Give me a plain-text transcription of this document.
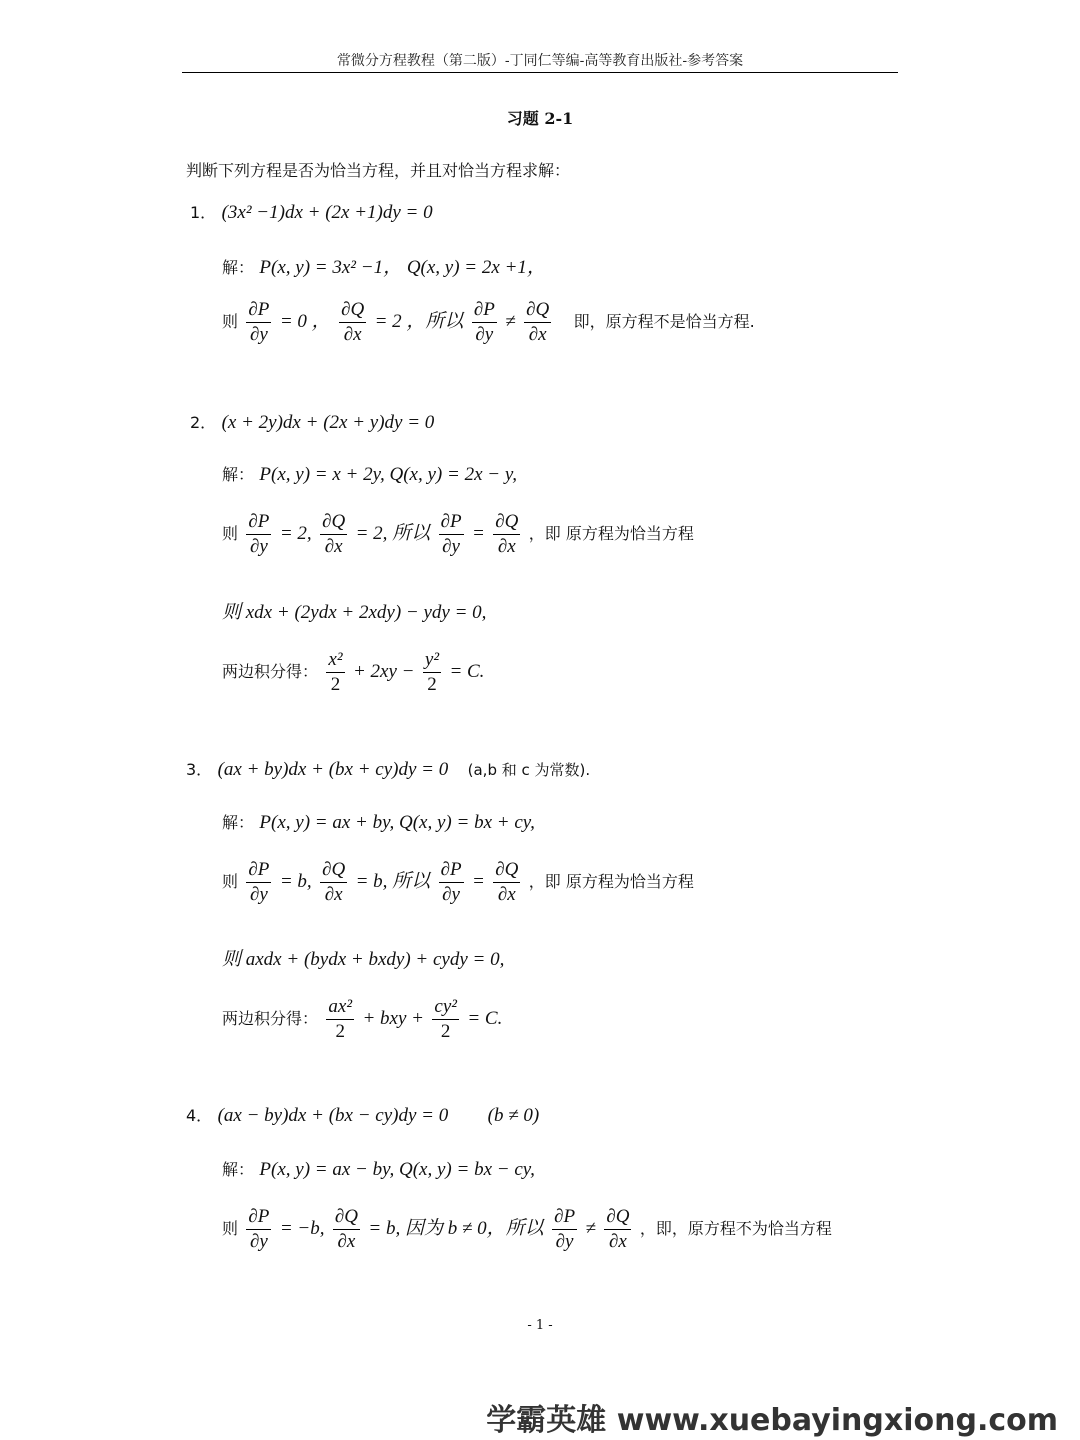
常微分方程教程（第二版）-丁同仁等编-高等教育出版社-参考答案
习题 2-1
判断下列方程是否为恰当方程，并且对恰当方程求解：
1． (3x² −1)dx + (2x +1)dy = 0
解： P(x, y) = 3x² −1， Q(x, y) = 2x +1，
则 $\frac{\partial P}{\partial y} = 0$ ， $\frac{\partial Q}{\partial x} = 2$ ，所以 $\frac{\partial P}{\partial y} \ne \frac{\partial Q}{\partial x}$ 即，原方程不是恰当方程.
2． (x + 2y)dx + (2x + y)dy = 0
解： P(x, y) = x + 2y, Q(x, y) = 2x − y,
则 $\frac{\partial P}{\partial y} = 2$, $\frac{\partial Q}{\partial x} = 2$, 所以 $\frac{\partial P}{\partial y} = \frac{\partial Q}{\partial x}$ ，即 原方程为恰当方程
则 xdx + (2ydx + 2xdy) − ydy = 0,
两边积分得： $\frac{\text{x²}}{2} + 2xy - \frac{\text{y²}}{2} = C$.
3． (ax + by)dx + (bx + cy)dy = 0 (a,b 和 c 为常数).
解： P(x, y) = ax + by, Q(x, y) = bx + cy,
则 $\frac{\partial P}{\partial y} = b$, $\frac{\partial Q}{\partial x} = b$, 所以 $\frac{\partial P}{\partial y} = \frac{\partial Q}{\partial x}$ ，即 原方程为恰当方程
则 axdx + (bydx + bxdy) + cydy = 0,
两边积分得： $\frac{\text{ax²}}{2}$ + bxy + $\frac{\text{cy²}}{2} = C$.
4． (ax − by)dx + (bx − cy)dy = 0 (b ≠ 0)
解： P(x, y) = ax − by, Q(x, y) = bx − cy,
则 $\frac{\partial P}{\partial y} = -b$, $\frac{\partial Q}{\partial x} = b$, 因为 b ≠ 0，所以 $\frac{\partial P}{\partial y} \ne \frac{\partial Q}{\partial x}$ ，即，原方程不为恰当方程
- 1 -
学霸英雄 www.xuebayingxiong.com
